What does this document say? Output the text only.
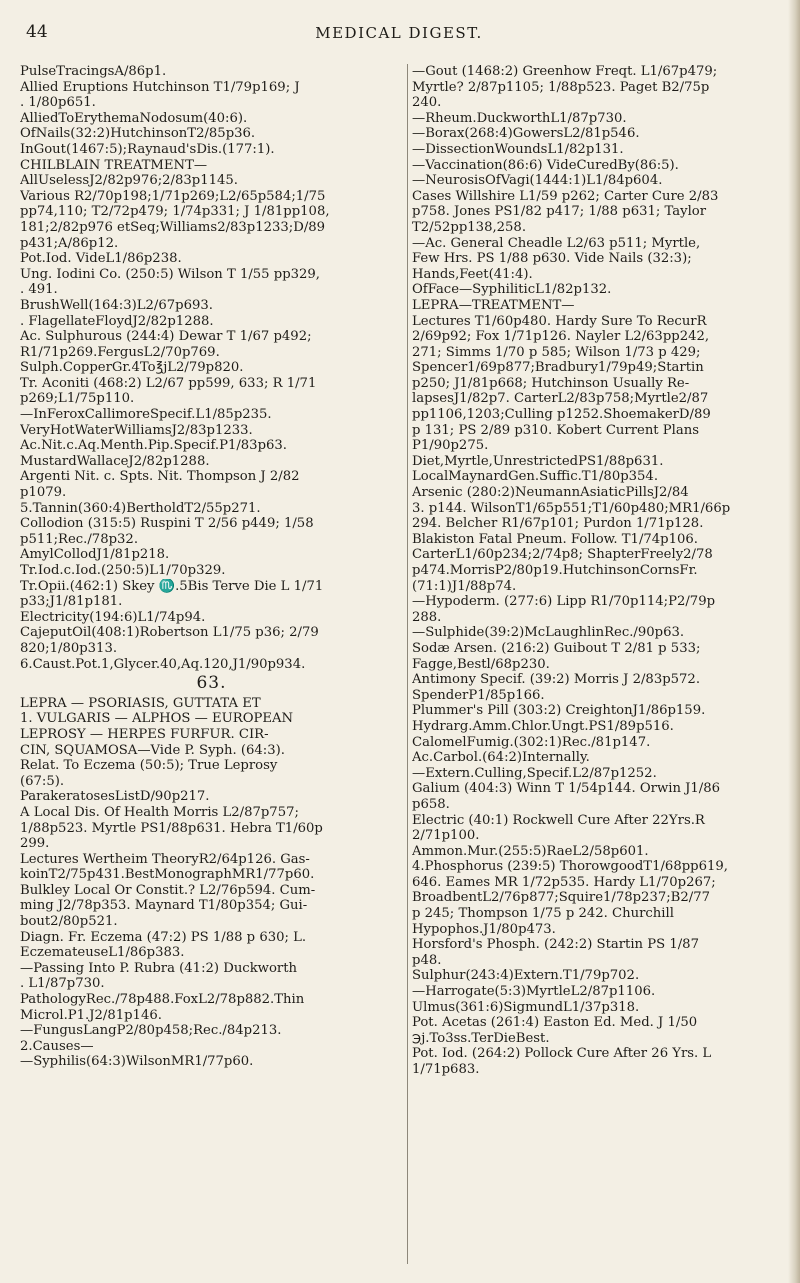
44	MEDICAL DIGEST.
PulseTracingsA/86p1.
Allied Eruptions Hutchinson T1/79p169; J
. 1/80p651.
AlliedToErythemaNodosum(40:6).
OfNails(32:2)HutchinsonT2/85p36.
InGout(1467:5);Raynaud'sDis.(177:1).
CHILBLAIN TREATMENT—
AllUselessJ2/82p976;2/83p1145.
Various R2/70p198;1/71p269;L2/65p584;1/75
pp74,110; T2/72p479; 1/74p331; J 1/81pp108,
181;2/82p976 etSeq;Williams2/83p1233;D/89
p431;A/86p12.
Pot.Iod. VideL1/86p238.
Ung. Iodini Co. (250:5) Wilson T 1/55 pp329,
. 491.
BrushWell(164:3)L2/67p693.
. FlagellateFloydJ2/82p1288.
Ac. Sulphurous (244:4) Dewar T 1/67 p492;
R1/71p269.FergusL2/70p769.
Sulph.CopperGr.4To℥jL2/79p820.
Tr. Aconiti (468:2) L2/67 pp599, 633; R 1/71
p269;L1/75p110.
—InFeroxCallimoreSpecif.L1/85p235.
VeryHotWaterWilliamsJ2/83p1233.
Ac.Nit.c.Aq.Menth.Pip.Specif.P1/83p63.
MustardWallaceJ2/82p1288.
Argenti Nit. c. Spts. Nit. Thompson J 2/82
p1079.
5.Tannin(360:4)BertholdT2/55p271.
Collodion (315:5) Ruspini T 2/56 p449; 1/58
p511;Rec./78p32.
AmylCollodJ1/81p218.
Tr.Iod.c.Iod.(250:5)L1/70p329.
Tr.Opii.(462:1) Skey ♏.5Bis Terve Die L 1/71
p33;J1/81p181.
Electricity(194:6)L1/74p94.
CajeputOil(408:1)Robertson L1/75 p36; 2/79
820;1/80p313.
6.Caust.Pot.1,Glycer.40,Aq.120,J1/90p934.
63.
LEPRA — PSORIASIS, GUTTATA ET
1. VULGARIS — ALPHOS — EUROPEAN
LEPROSY — HERPES FURFUR. CIR-
CIN, SQUAMOSA—Vide P. Syph. (64:3).
Relat. To Eczema (50:5); True Leprosy
(67:5).
ParakeratosesListD/90p217.
A Local Dis. Of Health Morris L2/87p757;
1/88p523. Myrtle PS1/88p631. Hebra T1/60p
299.
Lectures Wertheim TheoryR2/64p126. Gas-
koinT2/75p431.BestMonographMR1/77p60.
Bulkley Local Or Constit.? L2/76p594. Cum-
ming J2/78p353. Maynard T1/80p354; Gui-
bout2/80p521.
Diagn. Fr. Eczema (47:2) PS 1/88 p 630; L.
EczemateuseL1/86p383.
—Passing Into P. Rubra (41:2) Duckworth
. L1/87p730.
PathologyRec./78p488.FoxL2/78p882.Thin
Microl.P1.J2/81p146.
—FungusLangP2/80p458;Rec./84p213.
2.Causes—
—Syphilis(64:3)WilsonMR1/77p60.
—Gout (1468:2) Greenhow Freqt. L1/67p479;
Myrtle? 2/87p1105; 1/88p523. Paget B2/75p
240.
—Rheum.DuckworthL1/87p730.
—Borax(268:4)GowersL2/81p546.
—DissectionWoundsL1/82p131.
—Vaccination(86:6) VideCuredBy(86:5).
—NeurosisOfVagi(1444:1)L1/84p604.
Cases Willshire L1/59 p262; Carter Cure 2/83
p758. Jones PS1/82 p417; 1/88 p631; Taylor
T2/52pp138,258.
—Ac. General Cheadle L2/63 p511; Myrtle,
Few Hrs. PS 1/88 p630. Vide Nails (32:3);
Hands,Feet(41:4).
OfFace—SyphiliticL1/82p132.
LEPRA—TREATMENT—
Lectures T1/60p480. Hardy Sure To RecurR
2/69p92; Fox 1/71p126. Nayler L2/63pp242,
271; Simms 1/70 p 585; Wilson 1/73 p 429;
Spencer1/69p877;Bradbury1/79p49;Startin
p250; J1/81p668; Hutchinson Usually Re-
lapsesJ1/82p7. CarterL2/83p758;Myrtle2/87
pp1106,1203;Culling p1252.ShoemakerD/89
p 131; PS 2/89 p310. Kobert Current Plans
P1/90p275.
Diet,Myrtle,UnrestrictedPS1/88p631.
LocalMaynardGen.Suffic.T1/80p354.
Arsenic (280:2)NeumannAsiaticPillsJ2/84
3. p144. WilsonT1/65p551;T1/60p480;MR1/66p
294. Belcher R1/67p101; Purdon 1/71p128.
Blakiston Fatal Pneum. Follow. T1/74p106.
CarterL1/60p234;2/74p8; ShapterFreely2/78
p474.MorrisP2/80p19.HutchinsonCornsFr.
(71:1)J1/88p74.
—Hypoderm. (277:6) Lipp R1/70p114;P2/79p
288.
—Sulphide(39:2)McLaughlinRec./90p63.
Sodæ Arsen. (216:2) Guibout T 2/81 p 533;
Fagge,Bestl/68p230.
Antimony Specif. (39:2) Morris J 2/83p572.
SpenderP1/85p166.
Plummer's Pill (303:2) CreightonJ1/86p159.
Hydrarg.Amm.Chlor.Ungt.PS1/89p516.
CalomelFumig.(302:1)Rec./81p147.
Ac.Carbol.(64:2)Internally.
—Extern.Culling,Specif.L2/87p1252.
Galium (404:3) Winn T 1/54p144. Orwin J1/86
p658.
Electric (40:1) Rockwell Cure After 22Yrs.R
2/71p100.
Ammon.Mur.(255:5)RaeL2/58p601.
4.Phosphorus (239:5) ThorowgoodT1/68pp619,
646. Eames MR 1/72p535. Hardy L1/70p267;
BroadbentL2/76p877;Squire1/78p237;B2/77
p 245; Thompson 1/75 p 242. Churchill
Hypophos.J1/80p473.
Horsford's Phosph. (242:2) Startin PS 1/87
p48.
Sulphur(243:4)Extern.T1/79p702.
—Harrogate(5:3)MyrtleL2/87p1106.
Ulmus(361:6)SigmundL1/37p318.
Pot. Acetas (261:4) Easton Ed. Med. J 1/50
℈j.To3ss.TerDieBest.
Pot. Iod. (264:2) Pollock Cure After 26 Yrs. L
1/71p683.
